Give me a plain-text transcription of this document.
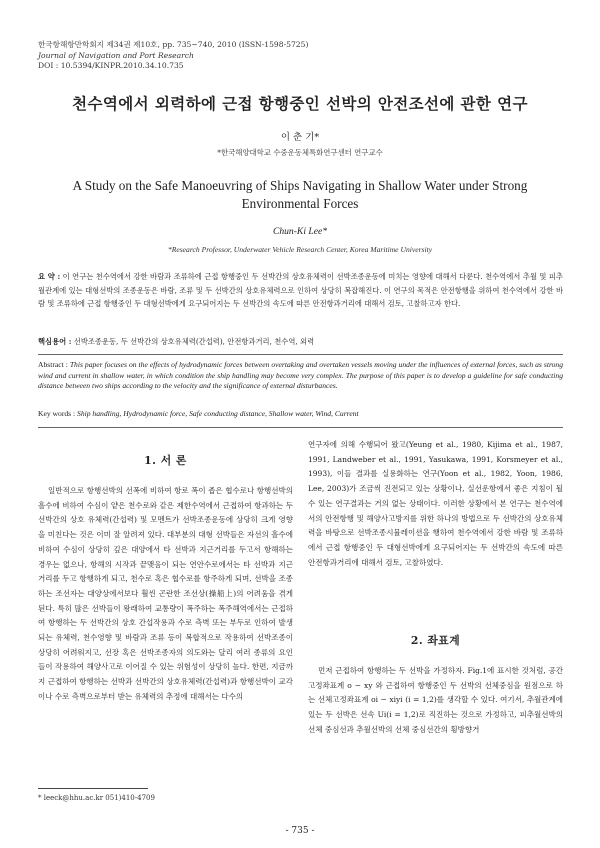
한국항해항만학회지 제34권 제10호, pp. 735~740, 2010 (ISSN-1598-5725)
Journal of Navigation and Port Research
DOI : 10.5394/KINPR.2010.34.10.735
천수역에서 외력하에 근접 항행중인 선박의 안전조선에 관한 연구
이 춘 기*
*한국해양대학교 수중운동체특화연구센터 연구교수
A Study on the Safe Manoeuvring of Ships Navigating in Shallow Water under Strong Environmental Forces
Chun-Ki Lee*
*Research Professor, Underwater Vehicle Research Center, Korea Maritime University
요 약 : 이 연구는 천수역에서 강한 바람과 조류하에 근접 항행중인 두 선박간의 상호유체력이 선박조종운동에 미치는 영향에 대해서 다룬다. 천수역에서 추월 및 피추월관계에 있는 대형선박의 조종운동은 바람, 조류 및 두 선박간의 상호유체력으로 인하여 상당히 복잡해진다. 이 연구의 목적은 안전항행을 위하여 천수역에서 강한 바람 및 조류하에 근접 항행중인 두 대형선박에게 요구되어지는 두 선박간의 속도에 따른 안전항과거리에 대해서 검토, 고찰하고자 한다.
핵심용어 : 선박조종운동, 두 선박간의 상호유체력(간섭력), 안전항과거리, 천수역, 외력
Abstract : This paper focuses on the effects of hydrodynamic forces between overtaking and overtaken vessels moving under the influences of external forces, such as strong wind and current in shallow water, in which condition the ship handling may become very complex. The purpose of this paper is to develop a guideline for safe conducting distance between two ships according to the velocity and the significance of external disturbances.
Key words : Ship handling, Hydrodynamic force, Safe conducting distance, Shallow water, Wind, Current
1. 서 론

일반적으로 항행선박의 선폭에 비하여 항로 폭이 좁은 협수로나 항행선박의 흘수에 비하여 수심이 얕은 천수로와 같은 제한수역에서 근접하여 항과하는 두 선박간의 상호 유체력(간섭력) 및 모멘트가 선박조종운동에 상당히 크게 영향을 미친다는 것은 이미 잘 알려져 있다. 대부분의 대형 선박들은 자선의 흘수에 비하여 수심이 상당히 깊은 대양에서 타 선박과 지근거리를 두고서 항해하는 경우는 없으나, 항해의 시작과 끝맺음이 되는 연안수로에서는 타 선박과 지근거리를 두고 항행하게 되고, 천수로 혹은 협수로를 항주하게 되며, 선박을 조종하는 조선자는 대양상에서보다 훨씬 곤란한 조선상(操船上)의 어려움을 겪게 된다. 특히 많은 선박들이 왕래하여 교통량이 폭주하는 폭주해역에서는 근접하여 항행하는 두 선박간의 상호 간섭작용과 수로 측벽 또는 부두로 인하여 발생되는 유체력, 천수영향 및 바람과 조류 등이 복합적으로 작용하여 선박조종이 상당히 어려워지고, 선장 혹은 선박조종자의 의도와는 달리 여러 종류의 요인들이 작용하여 해양사고로 이어질 수 있는 위험성이 상당히 높다. 한편, 지금까지 근접하여 항행하는 선박과 선박간의 상호유체력(간섭력)과 항행선박이 교각이나 수로 측벽으로부터 받는 유체력의 추정에 대해서는 다수의

연구자에 의해 수행되어 왔고(Yeung et al., 1980, Kijima et al., 1987, 1991, Landweber et al., 1991, Yasukawa, 1991, Korsmeyer et al., 1993), 이들 결과를 실용화하는 연구(Yoon et al., 1982, Yoon, 1986, Lee, 2003)가 조금씩 진전되고 있는 상황이나, 실선운항에서 좋은 지침이 될 수 있는 연구결과는 거의 없는 상태이다. 이러한 상황에서 본 연구는 천수역에서의 안전항행 및 해양사고방지를 위한 하나의 방법으로 두 선박간의 상호유체력을 바탕으로 선박조종시뮬레이션을 행하여 천수역에서 강한 바람 및 조류하에서 근접 항행중인 두 대형선박에게 요구되어지는 두 선박간의 속도에 따른 안전항과거리에 대해서 검토, 고찰하였다.

2. 좌표계

먼저 근접하여 항행하는 두 선박을 가정하자. Fig.1에 표시한 것처럼, 공간고정좌표계 o − xy 와 근접하여 항행중인 두 선박의 선체중심을 원점으로 하는 선체고정좌표계 oi − xiyi (i = 1,2)를 생각할 수 있다. 여기서, 추월관계에 있는 두 선박은 선속 Ui(i = 1,2)로 직진하는 것으로 가정하고, 피추월선박의 선체 중심선과 추월선박의 선체 중심선간의 횡방향거

* leeck@hhu.ac.kr 051)410-4709
- 735 -
